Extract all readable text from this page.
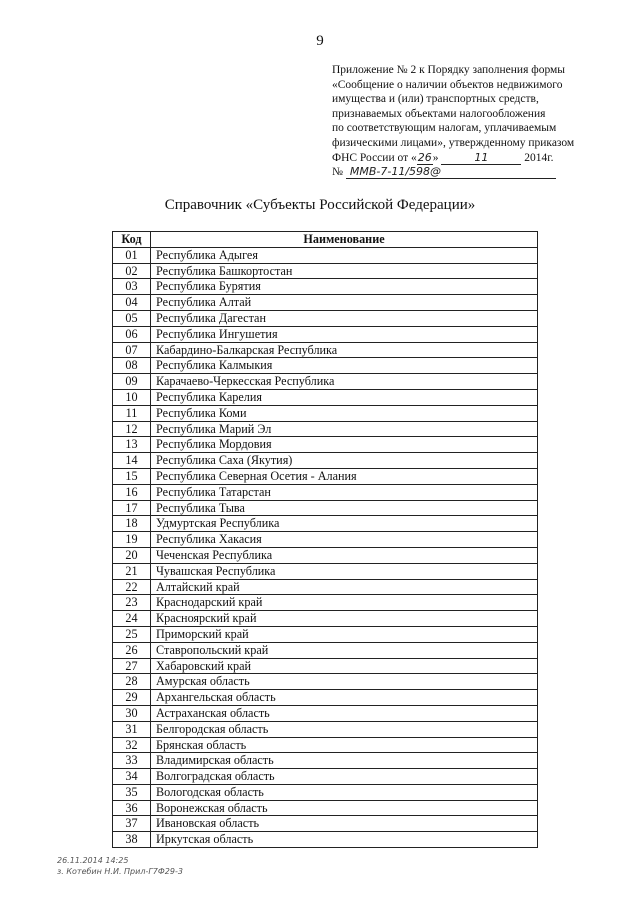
9
Приложение № 2 к Порядку заполнения формы
«Сообщение о наличии объектов недвижимого
имущества и (или) транспортных средств,
признаваемых объектами налогообложения
по соответствующим налогам, уплачиваемым
физическими лицами», утвержденному приказом
ФНС России от «26»	11	2014г.
№ ММВ-7-11/598@
Справочник «Субъекты Российской Федерации»
Код	Наименование
01	Республика Адыгея
02	Республика Башкортостан
03	Республика Бурятия
04	Республика Алтай
05	Республика Дагестан
06	Республика Ингушетия
07	Кабардино-Балкарская Республика
08	Республика Калмыкия
09	Карачаево-Черкесская Республика
10	Республика Карелия
11	Республика Коми
12	Республика Марий Эл
13	Республика Мордовия
14	Республика Саха (Якутия)
15	Республика Северная Осетия - Алания
16	Республика Татарстан
17	Республика Тыва
18	Удмуртская Республика
19	Республика Хакасия
20	Чеченская Республика
21	Чувашская Республика
22	Алтайский край
23	Краснодарский край
24	Красноярский край
25	Приморский край
26	Ставропольский край
27	Хабаровский край
28	Амурская область
29	Архангельская область
30	Астраханская область
31	Белгородская область
32	Брянская область
33	Владимирская область
34	Волгоградская область
35	Вологодская область
36	Воронежская область
37	Ивановская область
38	Иркутская область
26.11.2014 14:25
з. Котебин Н.И. Прил-Г7Ф29-3
